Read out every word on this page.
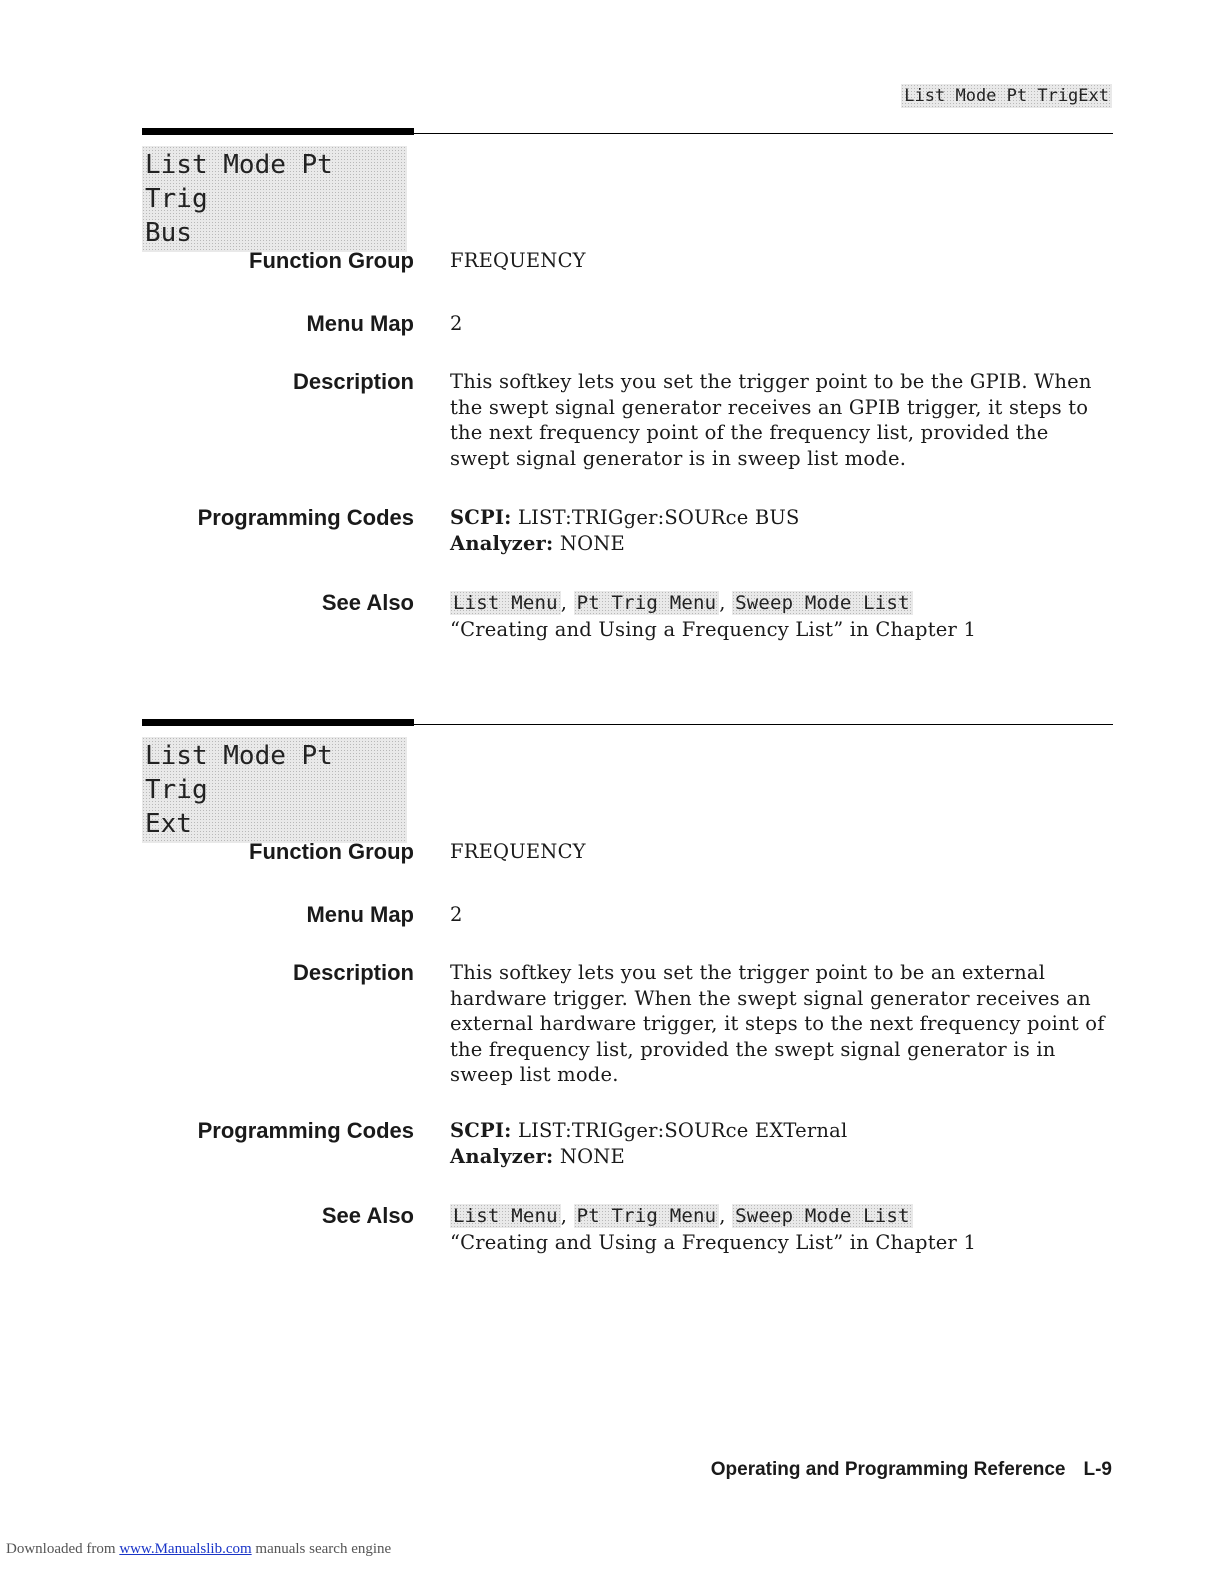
List Mode Pt TrigExt
List Mode Pt Trig
Bus
Function Group FREQUENCY
Menu Map 2
Description This softkey lets you set the trigger point to be the GPIB. When the swept signal generator receives an GPIB trigger, it steps to the next frequency point of the frequency list, provided the swept signal generator is in sweep list mode.
Programming Codes SCPI: LIST:TRIGger:SOURce BUS
Analyzer: NONE
See Also List Menu , Pt Trig Menu , Sweep Mode List
“Creating and Using a Frequency List” in Chapter 1
List Mode Pt Trig
Ext
Function Group FREQUENCY
Menu Map 2
Description This softkey lets you set the trigger point to be an external hardware trigger. When the swept signal generator receives an external hardware trigger, it steps to the next frequency point of the frequency list, provided the swept signal generator is in sweep list mode.
Programming Codes SCPI: LIST:TRIGger:SOURce EXTernal
Analyzer: NONE
See Also List Menu , Pt Trig Menu , Sweep Mode List
“Creating and Using a Frequency List” in Chapter 1
Operating and Programming Reference L-9
Downloaded from www.Manualslib.com manuals search engine
